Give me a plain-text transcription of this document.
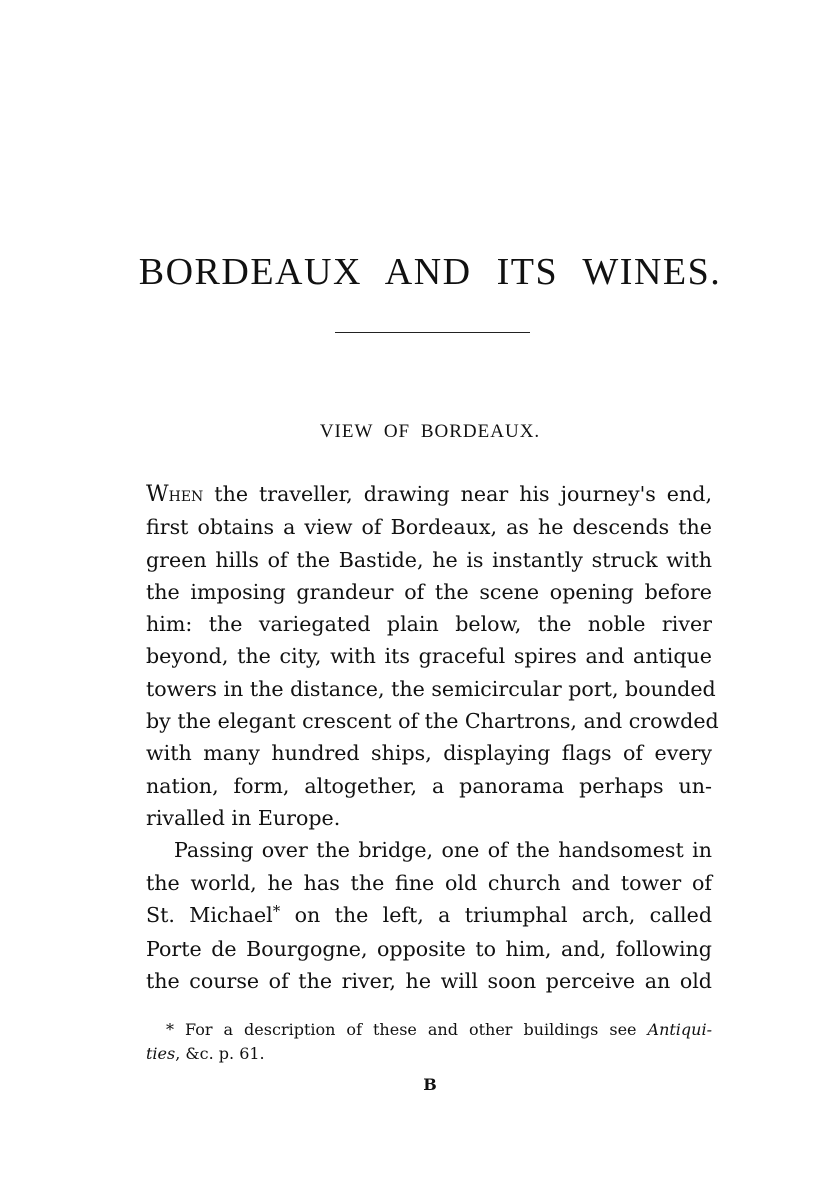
BORDEAUX AND ITS WINES.
VIEW OF BORDEAUX.
When the traveller, drawing near his journey's end,
first obtains a view of Bordeaux, as he descends the
green hills of the Bastide, he is instantly struck with
the imposing grandeur of the scene opening before
him: the variegated plain below, the noble river
beyond, the city, with its graceful spires and antique
towers in the distance, the semicircular port, bounded
by the elegant crescent of the Chartrons, and crowded
with many hundred ships, displaying flags of every
nation, form, altogether, a panorama perhaps un-
rivalled in Europe.
Passing over the bridge, one of the handsomest in
the world, he has the fine old church and tower of
St. Michael* on the left, a triumphal arch, called
Porte de Bourgogne, opposite to him, and, following
the course of the river, he will soon perceive an old
* For a description of these and other buildings see Antiqui-
ties, &c. p. 61.
B
